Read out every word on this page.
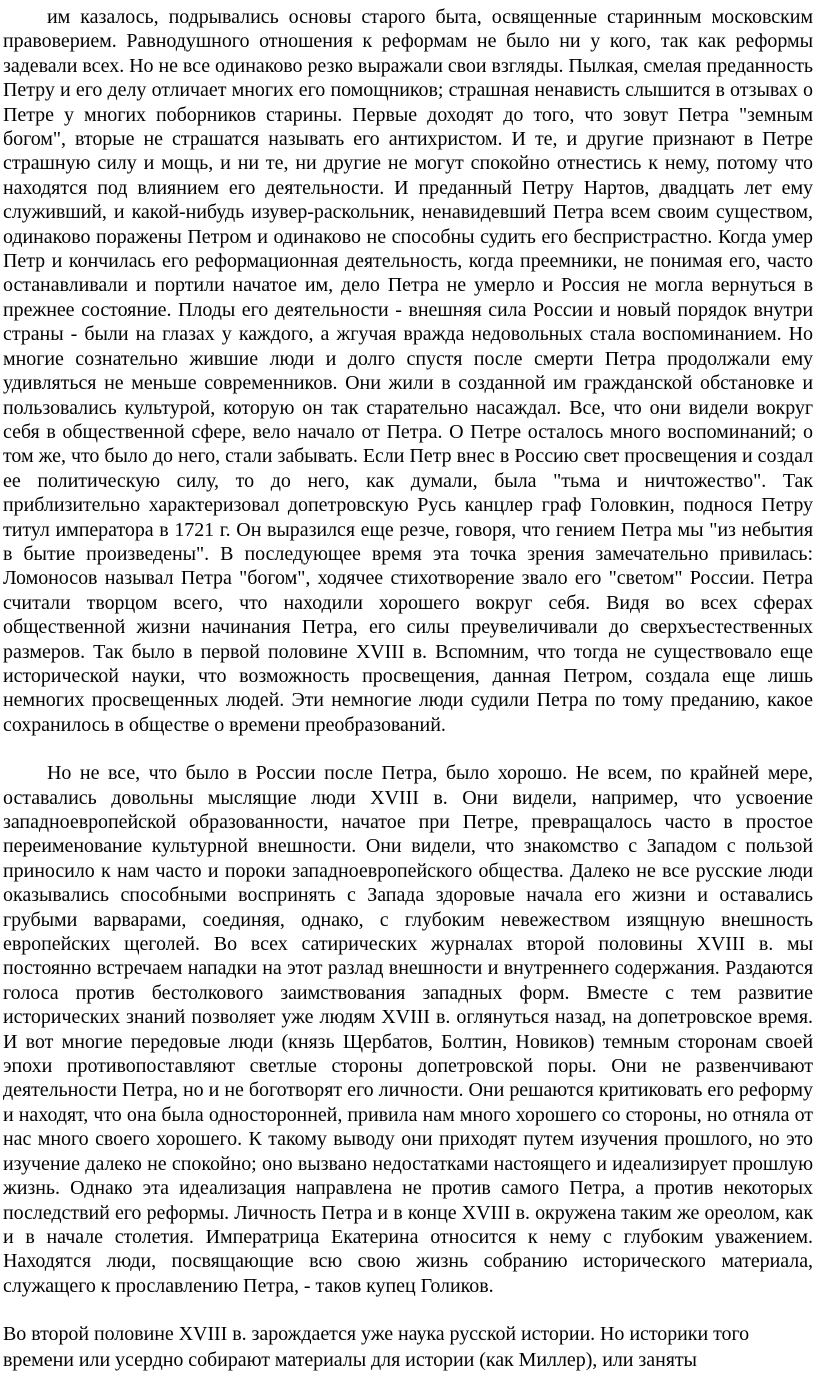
им казалось, подрывались основы старого быта, освященные старинным московским правоверием. Равнодушного отношения к реформам не было ни у кого, так как реформы задевали всех. Но не все одинаково резко выражали свои взгляды. Пылкая, смелая преданность Петру и его делу отличает многих его помощников; страшная ненависть слышится в отзывах о Петре у многих поборников старины. Первые доходят до того, что зовут Петра "земным богом", вторые не страшатся называть его антихристом. И те, и другие признают в Петре страшную силу и мощь, и ни те, ни другие не могут спокойно отнестись к нему, потому что находятся под влиянием его деятельности. И преданный Петру Нартов, двадцать лет ему служивший, и какой-нибудь изувер-раскольник, ненавидевший Петра всем своим существом, одинаково поражены Петром и одинаково не способны судить его беспристрастно. Когда умер Петр и кончилась его реформационная деятельность, когда преемники, не понимая его, часто останавливали и портили начатое им, дело Петра не умерло и Россия не могла вернуться в прежнее состояние. Плоды его деятельности - внешняя сила России и новый порядок внутри страны - были на глазах у каждого, а жгучая вражда недовольных стала воспоминанием. Но многие сознательно жившие люди и долго спустя после смерти Петра продолжали ему удивляться не меньше современников. Они жили в созданной им гражданской обстановке и пользовались культурой, которую он так старательно насаждал. Все, что они видели вокруг себя в общественной сфере, вело начало от Петра. О Петре осталось много воспоминаний; о том же, что было до него, стали забывать. Если Петр внес в Россию свет просвещения и создал ее политическую силу, то до него, как думали, была "тьма и ничтожество". Так приблизительно характеризовал допетровскую Русь канцлер граф Головкин, поднося Петру титул императора в 1721 г. Он выразился еще резче, говоря, что гением Петра мы "из небытия в бытие произведены". В последующее время эта точка зрения замечательно привилась: Ломоносов называл Петра "богом", ходячее стихотворение звало его "светом" России. Петра считали творцом всего, что находили хорошего вокруг себя. Видя во всех сферах общественной жизни начинания Петра, его силы преувеличивали до сверхъестественных размеров. Так было в первой половине XVIII в. Вспомним, что тогда не существовало еще исторической науки, что возможность просвещения, данная Петром, создала еще лишь немногих просвещенных людей. Эти немногие люди судили Петра по тому преданию, какое сохранилось в обществе о времени преобразований.

Но не все, что было в России после Петра, было хорошо. Не всем, по крайней мере, оставались довольны мыслящие люди XVIII в. Они видели, например, что усвоение западноевропейской образованности, начатое при Петре, превращалось часто в простое переименование культурной внешности. Они видели, что знакомство с Западом с пользой приносило к нам часто и пороки западноевропейского общества. Далеко не все русские люди оказывались способными воспринять с Запада здоровые начала его жизни и оставались грубыми варварами, соединяя, однако, с глубоким невежеством изящную внешность европейских щеголей. Во всех сатирических журналах второй половины XVIII в. мы постоянно встречаем нападки на этот разлад внешности и внутреннего содержания. Раздаются голоса против бестолкового заимствования западных форм. Вместе с тем развитие исторических знаний позволяет уже людям XVIII в. оглянуться назад, на допетровское время. И вот многие передовые люди (князь Щербатов, Болтин, Новиков) темным сторонам своей эпохи противопоставляют светлые стороны допетровской поры. Они не развенчивают деятельности Петра, но и не боготворят его личности. Они решаются критиковать его реформу и находят, что она была односторонней, привила нам много хорошего со стороны, но отняла от нас много своего хорошего. К такому выводу они приходят путем изучения прошлого, но это изучение далеко не спокойно; оно вызвано недостатками настоящего и идеализирует прошлую жизнь. Однако эта идеализация направлена не против самого Петра, а против некоторых последствий его реформы. Личность Петра и в конце XVIII в. окружена таким же ореолом, как и в начале столетия. Императрица Екатерина относится к нему с глубоким уважением. Находятся люди, посвящающие всю свою жизнь собранию исторического материала, служащего к прославлению Петра, - таков купец Голиков.

Во второй половине XVIII в. зарождается уже наука русской истории. Но историки того времени или усердно собирают материалы для истории (как Миллер), или заняты
